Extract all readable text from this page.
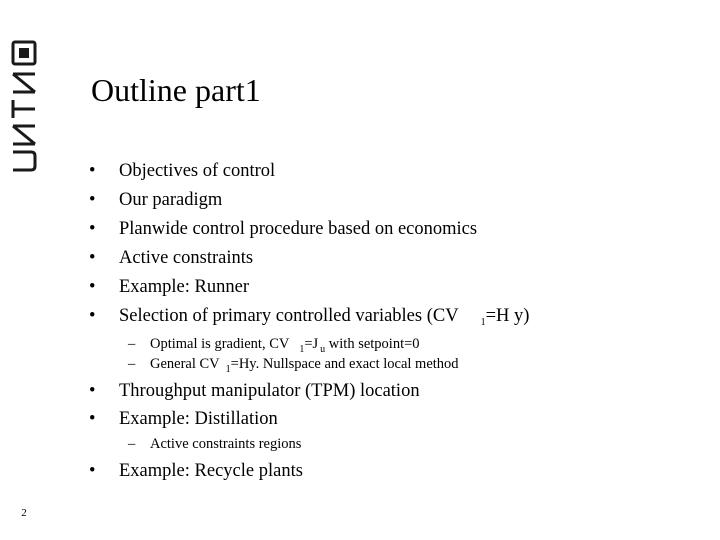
2
Outline part1
•	Objectives of control
•	Our paradigm
•	Planwide control procedure based on economics
•	Active constraints
•	Example: Runner
•	Selection of primary controlled variables (CV $_1$=H y)
– Optimal is gradient, CV $_1$=J $_u$ with setpoint=0
– General CV $_1$=Hy. Nullspace and exact local method
•	Throughput manipulator (TPM) location
•	Example: Distillation
– Active constraints regions
•	Example: Recycle plants
